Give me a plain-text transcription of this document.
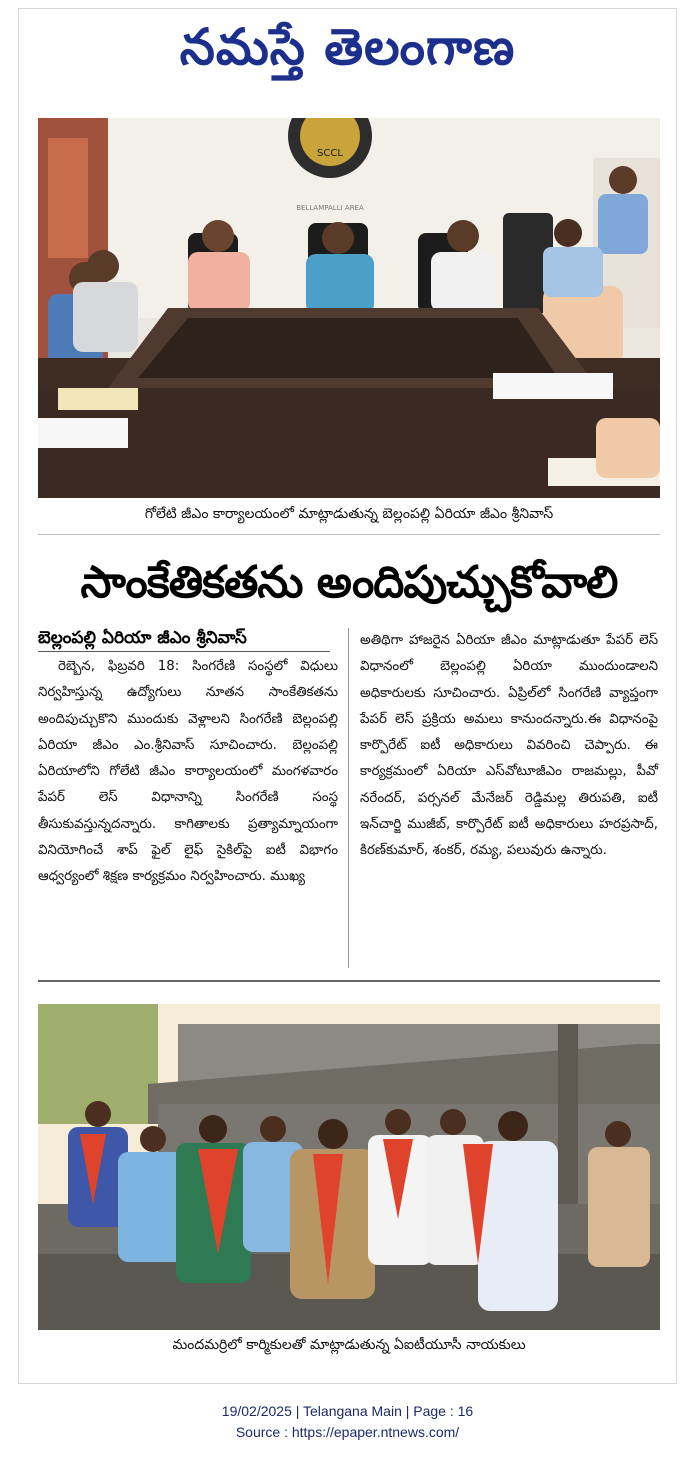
నమస్తే తెలంగాణ
SCCL
BELLAMPALLI AREA
గోలేటి జీఎం కార్యాలయంలో మాట్లాడుతున్న బెల్లంపల్లి ఏరియా జీఎం శ్రీనివాస్
సాంకేతికతను అందిపుచ్చుకోవాలి
బెల్లంపల్లి ఏరియా జీఎం శ్రీనివాస్
రెబ్బెన, ఫిబ్రవరి 18: సింగరేణి సంస్థలో విధులు నిర్వహిస్తున్న ఉద్యోగులు నూతన సాంకేతికతను అందిపుచ్చుకొని ముందుకు వెళ్లాలని సింగరేణి బెల్లంపల్లి ఏరియా జీఎం ఎం.శ్రీనివాస్ సూచించారు. బెల్లంపల్లి ఏరియాలోని గోలేటి జీఎం కార్యాలయంలో మంగళవారం పేపర్ లెస్ విధానాన్ని సింగరేణి సంస్థ తీసుకువస్తున్నదన్నారు. కాగితాలకు ప్రత్యామ్నాయంగా వినియోగించే శాప్ ఫైల్ లైఫ్ సైకిల్‌పై ఐటీ విభాగం ఆధ్వర్యంలో శిక్షణ కార్యక్రమం నిర్వహించారు. ముఖ్య
అతిథిగా హాజరైన ఏరియా జీఎం మాట్లాడుతూ పేపర్ లెస్ విధానంలో బెల్లంపల్లి ఏరియా ముందుండాలని అధికారులకు సూచించారు. ఏప్రిల్‌లో సింగరేణి వ్యాప్తంగా పేపర్ లెస్ ప్రక్రియ అమలు కానుందన్నారు.ఈ విధానంపై కార్పొరేట్ ఐటీ అధికారులు వివరించి చెప్పారు. ఈ కార్యక్రమంలో ఏరియా ఎస్‌వోటూజీఎం రాజమల్లు, పీవో నరేందర్, పర్సనల్ మేనేజర్ రెడ్డిమల్ల తిరుపతి, ఐటీ ఇన్‌చార్జి ముజీబ్, కార్పొరేట్ ఐటీ అధికారులు హరప్రసాద్, కిరణ్‌కుమార్, శంకర్, రమ్య, పలువురు ఉన్నారు.
మందమర్రిలో కార్మికులతో మాట్లాడుతున్న ఏఐటీయూసీ నాయకులు
19/02/2025 | Telangana Main | Page : 16
Source : https://epaper.ntnews.com/
